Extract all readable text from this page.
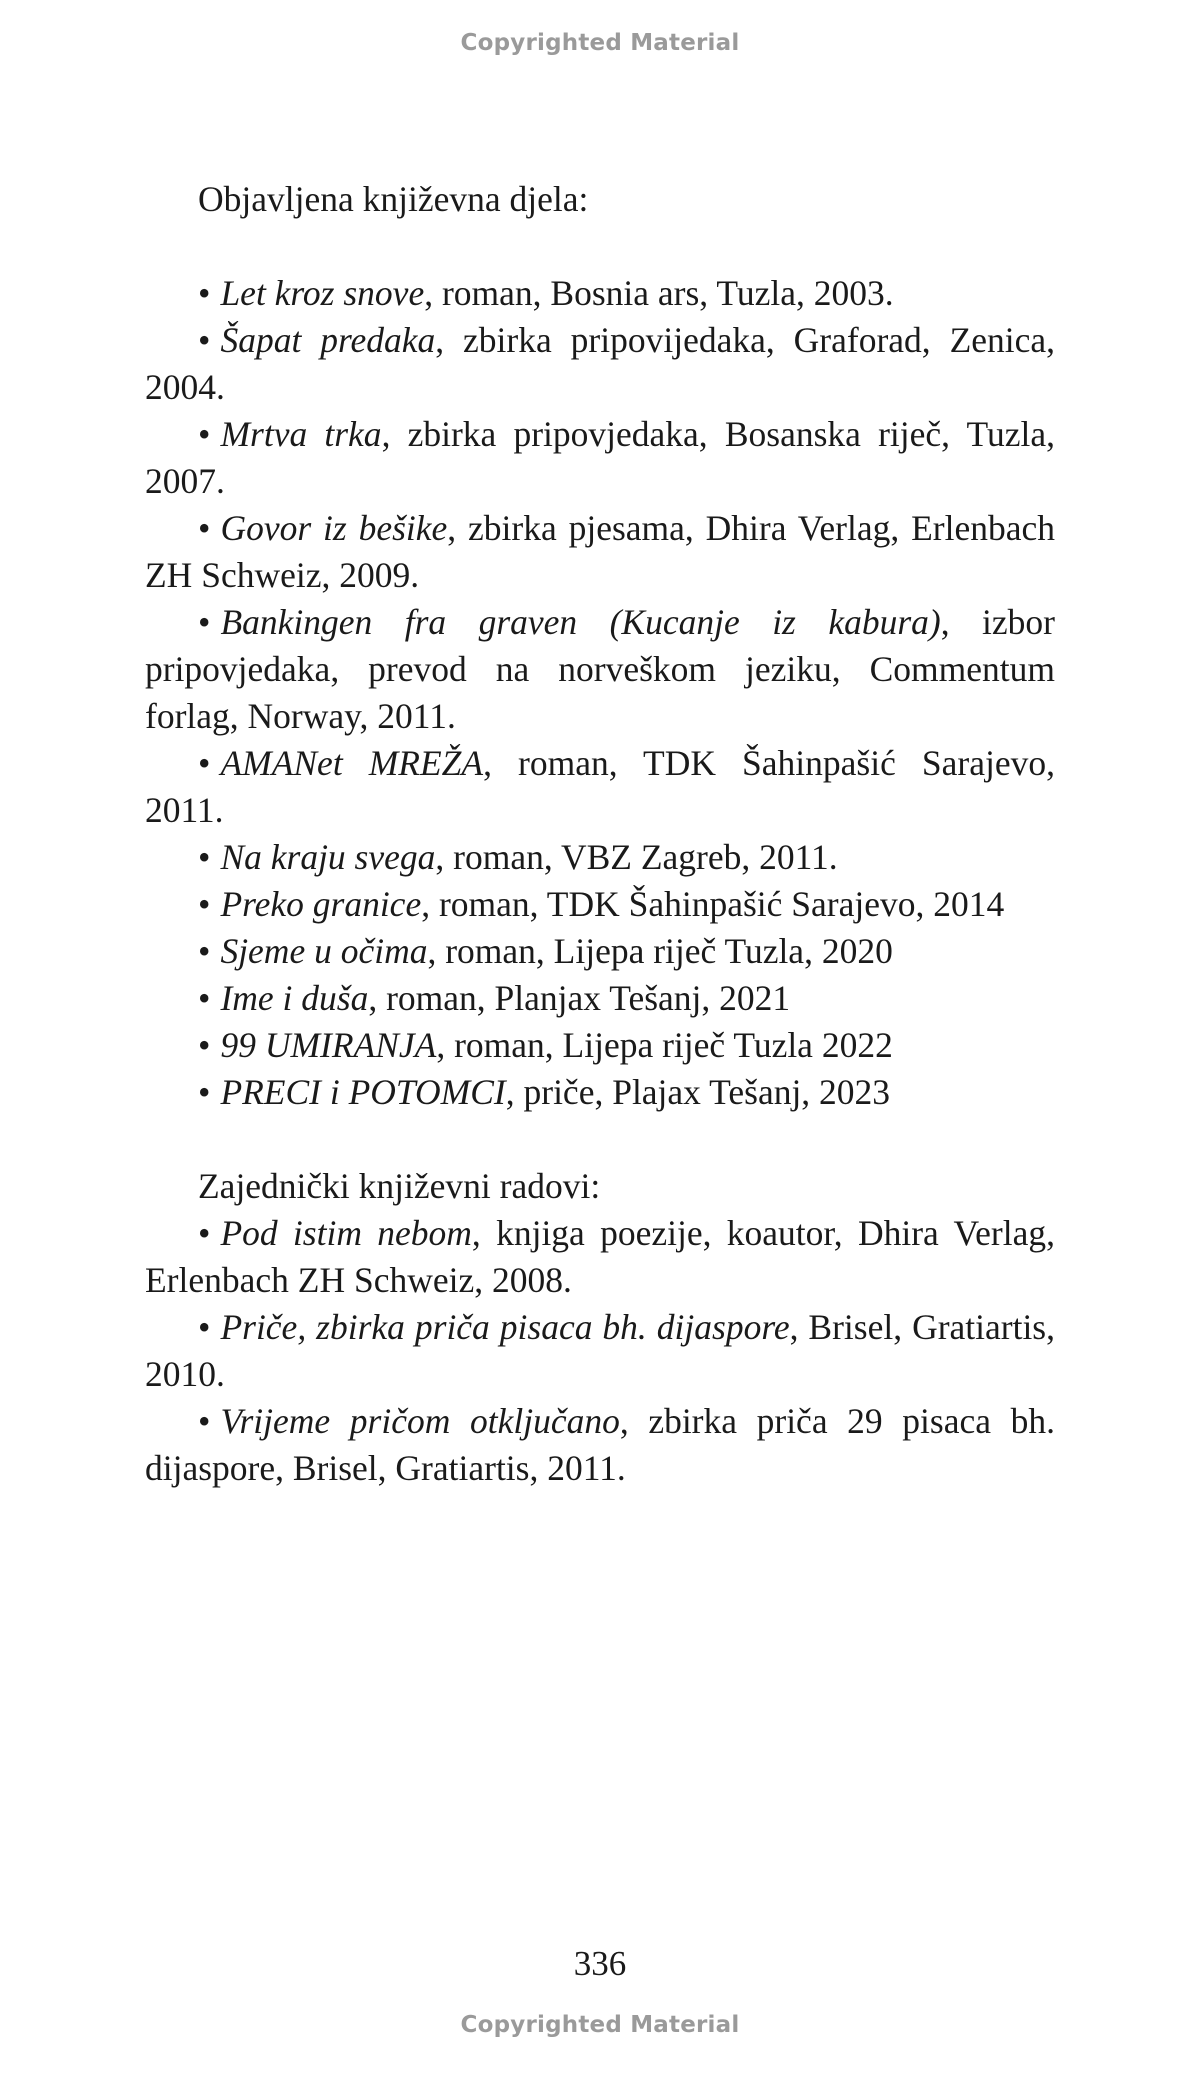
Copyrighted Material

Objavljena književna djela:

• Let kroz snove, roman, Bosnia ars, Tuzla, 2003.

• Šapat predaka, zbirka pripovijedaka, Graforad, Zenica, 2004.

• Mrtva trka, zbirka pripovjedaka, Bosanska riječ, Tuzla, 2007.

• Govor iz bešike, zbirka pjesama, Dhira Verlag, Erlenbach ZH Schweiz, 2009.

• Bankingen fra graven (Kucanje iz kabura), izbor pripovjedaka, prevod na norveškom jeziku, Commentum forlag, Norway, 2011.

• AMANet MREŽA, roman, TDK Šahinpašić Sarajevo, 2011.

• Na kraju svega, roman, VBZ Zagreb, 2011.

• Preko granice, roman, TDK Šahinpašić Sarajevo, 2014

• Sjeme u očima, roman, Lijepa riječ Tuzla, 2020

• Ime i duša, roman, Planjax Tešanj, 2021

• 99 UMIRANJA, roman, Lijepa riječ Tuzla 2022

• PRECI i POTOMCI, priče, Plajax Tešanj, 2023

Zajednički književni radovi:

• Pod istim nebom, knjiga poezije, koautor, Dhira Verlag, Erlenbach ZH Schweiz, 2008.

• Priče, zbirka priča pisaca bh. dijaspore, Brisel, Gratiartis, 2010.

• Vrijeme pričom otključano, zbirka priča 29 pisaca bh. dijaspore, Brisel, Gratiartis, 2011.

336
Copyrighted Material
